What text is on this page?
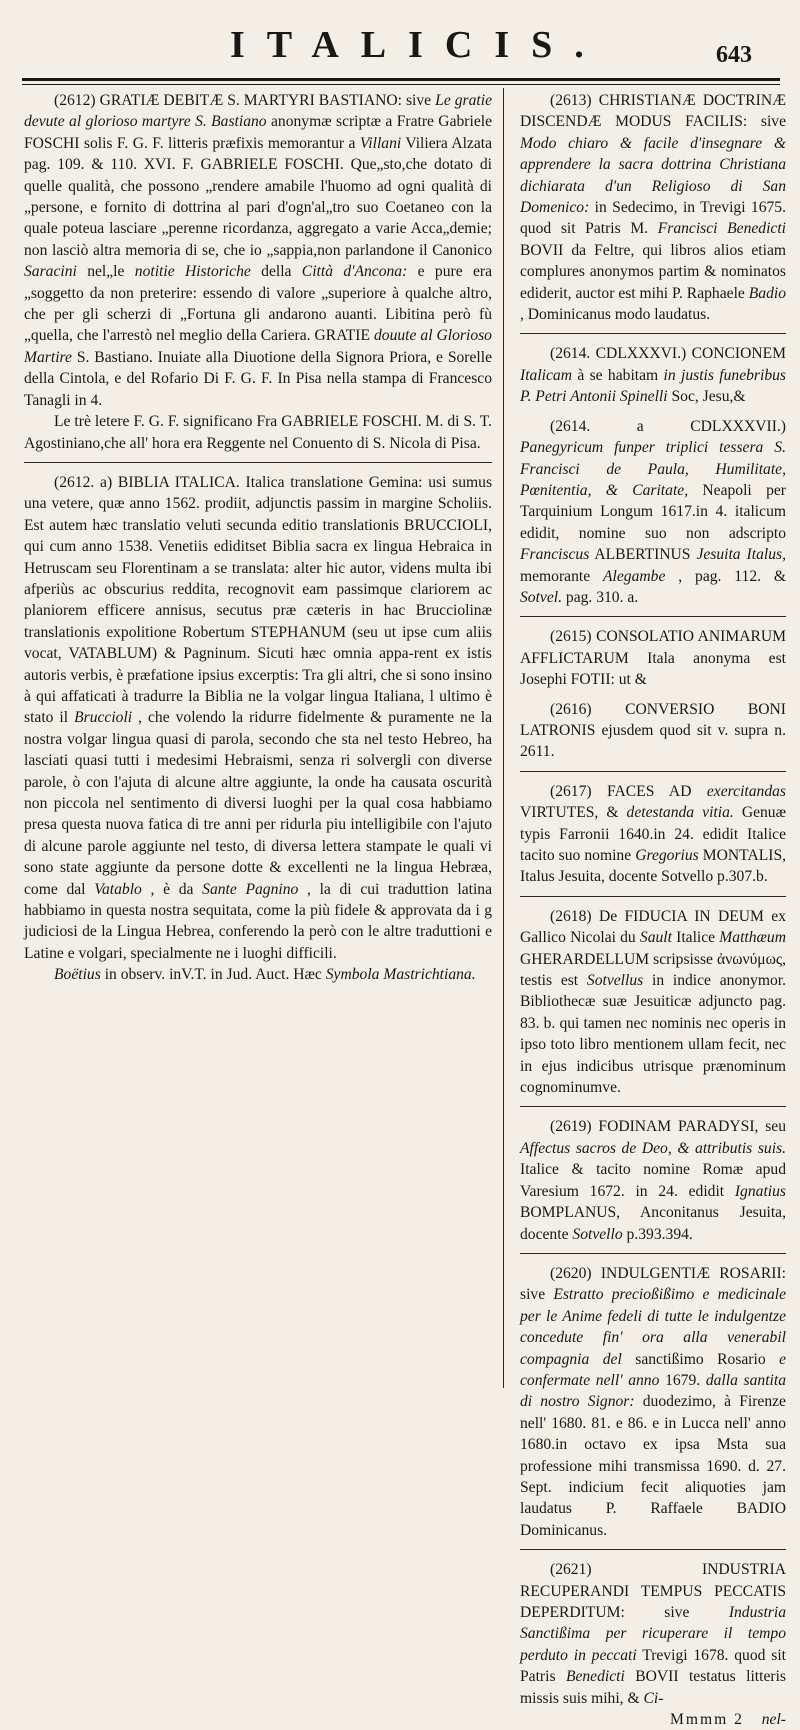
ITALICIS.	643

(2612) GRATIÆ DEBITÆ S. MARTYRI BASTIANO: sive Le gratie devute al glorioso martyre S. Bastiano anonymæ scriptæ a Fratre Gabriele FOSCHI solis F. G. F. litteris præfixis memorantur a Villani Viliera Alzata pag. 109. & 110. XVI. F. GABRIELE FOSCHI. Que„sto,che dotato di quelle qualità, che possono „rendere amabile l'huomo ad ogni qualità di „persone, e fornito di dottrina al pari d'ogn'al„tro suo Coetaneo con la quale poteua lasciare „perenne ricordanza, aggregato a varie Acca„demie; non lasciò altra memoria di se, che io „sappia,non parlandone il Canonico Saracini nel„le notitie Historiche della Città d'Ancona: e pure era „soggetto da non preterire: essendo di valore „superiore à qualche altro, che per gli scherzi di „Fortuna gli andarono auanti. Libitina però fù „quella, che l'arrestò nel meglio della Cariera. GRATIE douute al Glorioso Martire S. Bastiano. Inuiate alla Diuotione della Signora Priora, e Sorelle della Cintola, e del Rofario Di F. G. F. In Pisa nella stampa di Francesco Tanagli in 4.

Le trè letere F. G. F. significano Fra GABRIELE FOSCHI. M. di S. T. Agostiniano,che all' hora era Reggente nel Conuento di S. Nicola di Pisa.

(2612. a) BIBLIA ITALICA. Italica translatione Gemina: usi sumus una vetere, quæ anno 1562. prodiit, adjunctis passim in margine Scholiis. Est autem hæc translatio veluti secunda editio translationis BRUCCIOLI, qui cum anno 1538. Venetiis ediditset Biblia sacra ex lingua Hebraica in Hetruscam seu Florentinam a se translata: alter hic autor, videns multa ibi afperiùs ac obscurius reddita, recognovit eam passimque clariorem ac planiorem efficere annisus, secutus præ cæteris in hac Brucciolinæ translationis expolitione Robertum STEPHANUM (seu ut ipse cum aliis vocat, VATABLUM) & Pagninum. Sicuti hæc omnia appa-rent ex istis autoris verbis, è præfatione ipsius excerptis: Tra gli altri, che si sono insino à qui affaticati à tradurre la Biblia ne la volgar lingua Italiana, l ultimo è stato il Bruccioli , che volendo la ridurre fidelmente & puramente ne la nostra volgar lingua quasi di parola, secondo che sta nel testo Hebreo, ha lasciati quasi tutti i medesimi Hebraismi, senza ri solvergli con diverse parole, ò con l'ajuta di alcune altre aggiunte, la onde ha causata oscurità non piccola nel sentimento di diversi luoghi per la qual cosa habbiamo presa questa nuova fatica di tre anni per ridurla piu intelligibile con l'ajuto di alcune parole aggiunte nel testo, di diversa lettera stampate le quali vi sono state aggiunte da persone dotte & excellenti ne la lingua Hebræa, come dal Vatablo , è da Sante Pagnino , la di cui traduttion latina habbiamo in questa nostra sequitata, come la più fidele & approvata da i g judiciosi de la Lingua Hebrea, conferendo la però con le altre traduttioni e Latine e volgari, specialmente ne i luoghi difficili.

Boëtius in observ. inV.T. in Jud. Auct. Hæc Symbola Mastrichtiana.

(2613) CHRISTIANÆ DOCTRINÆ DISCENDÆ MODUS FACILIS: sive Modo chiaro & facile d'insegnare & apprendere la sacra dottrina Christiana dichiarata d'un Religioso di San Domenico: in Sedecimo, in Trevigi 1675. quod sit Patris M. Francisci Benedicti BOVII da Feltre, qui libros alios etiam complures anonymos partim & nominatos ediderit, auctor est mihi P. Raphaele Badio , Dominicanus modo laudatus.

(2614. CDLXXXVI.) CONCIONEM Italicam à se habitam in justis funebribus P. Petri Antonii Spinelli Soc, Jesu,&

(2614. a	CDLXXXVII.) Panegyricum funper triplici tessera S. Francisci de Paula, Humilitate, Pœnitentia, & Caritate, Neapoli per Tarquinium Longum 1617.in 4. italicum edidit, nomine suo non adscripto Franciscus ALBERTINUS Jesuita Italus, memorante Alegambe , pag. 112. & Sotvel. pag. 310. a.

(2615) CONSOLATIO ANIMARUM AFFLICTARUM Itala anonyma est Josephi FOTII: ut &

(2616) CONVERSIO BONI LATRONIS ejusdem quod sit v. supra n. 2611.

(2617) FACES AD exercitandas VIRTUTES, & detestanda vitia. Genuæ typis Farronii 1640.in 24. edidit Italice tacito suo nomine Gregorius MONTALIS, Italus Jesuita, docente Sotvello p.307.b.

(2618) De FIDUCIA IN DEUM ex Gallico Nicolai du Sault Italice Matthæum GHERARDELLUM scripsisse ἀνωνύμως, testis est Sotvellus in indice anonymor. Bibliothecæ suæ Jesuiticæ adjuncto pag. 83. b. qui tamen nec nominis nec operis in ipso toto libro mentionem ullam fecit, nec in ejus indicibus utrisque prænominum cognominumve.

(2619) FODINAM PARADYSI, seu Affectus sacros de Deo, & attributis suis. Italice & tacito nomine Romæ apud Varesium 1672. in 24. edidit Ignatius BOMPLANUS, Anconitanus Jesuita, docente Sotvello p.393.394.

(2620) INDULGENTIÆ ROSARII: sive Estratto precioßißimo e medicinale per le Anime fedeli di tutte le indulgentze concedute fin' ora alla venerabil compagnia del sanctißimo Rosario e confermate nell' anno 1679. dalla santita di nostro Signor: duodezimo, à Firenze nell' 1680. 81. e 86. e in Lucca nell' anno 1680.in octavo ex ipsa Msta sua professione mihi transmissa 1690. d. 27. Sept. indicium fecit aliquoties jam laudatus P. Raffaele BADIO Dominicanus.

(2621)	INDUSTRIA RECUPERANDI TEMPUS PECCATIS DEPERDITUM: sive	Industria Sanctißima per ricuperare il tempo perduto in peccati Trevigi 1678. quod sit Patris Benedicti BOVII testatus litteris missis suis mihi, & Ci-

Mmmm 2 nel-
